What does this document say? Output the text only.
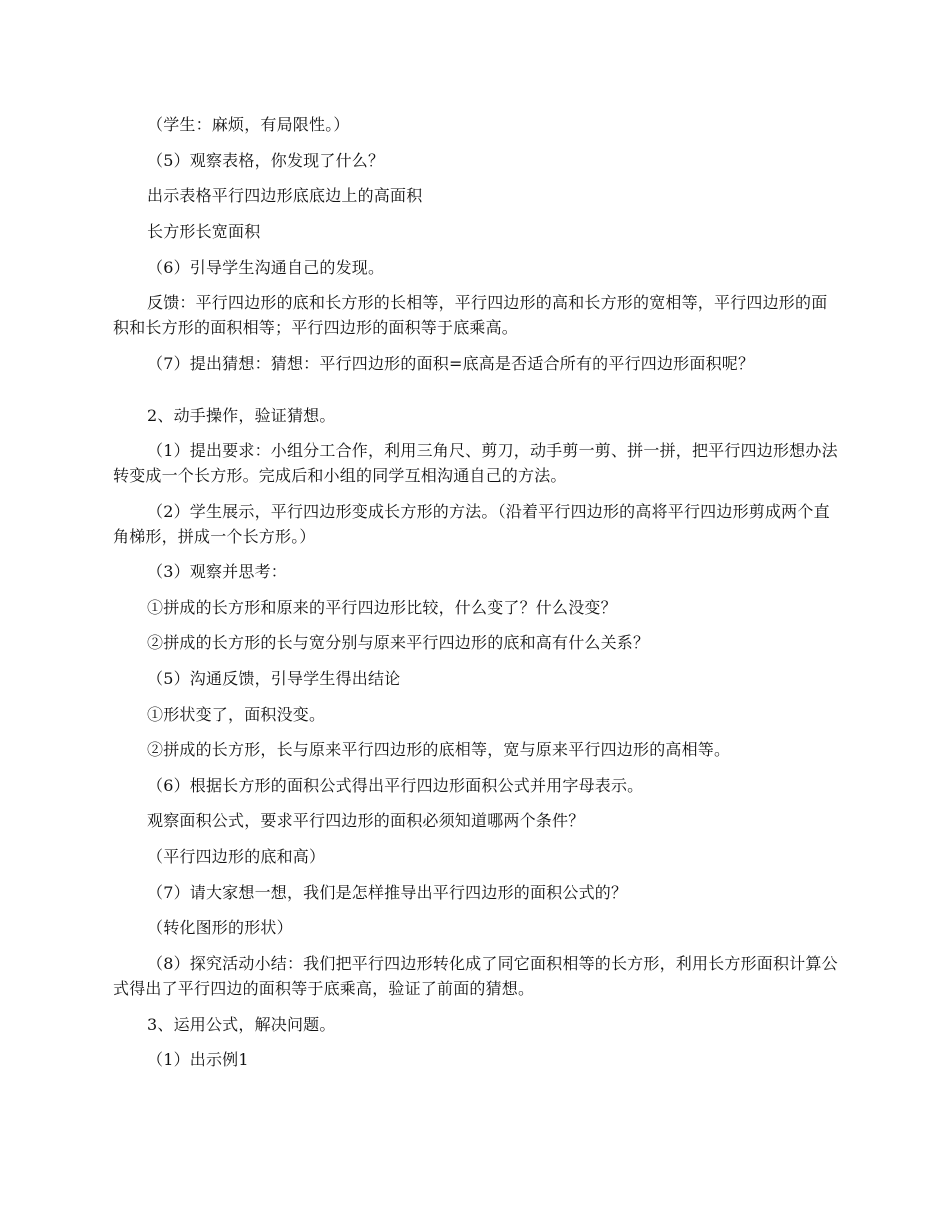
（学生：麻烦，有局限性。）

（5）观察表格，你发现了什么？

出示表格平行四边形底底边上的高面积

长方形长宽面积

（6）引导学生沟通自己的发现。

反馈：平行四边形的底和长方形的长相等，平行四边形的高和长方形的宽相等，平行四边形的面积和长方形的面积相等；平行四边形的面积等于底乘高。

（7）提出猜想：猜想：平行四边形的面积=底高是否适合所有的平行四边形面积呢？

2、动手操作，验证猜想。

（1）提出要求：小组分工合作，利用三角尺、剪刀，动手剪一剪、拼一拼，把平行四边形想办法转变成一个长方形。完成后和小组的同学互相沟通自己的方法。

（2）学生展示，平行四边形变成长方形的方法。（沿着平行四边形的高将平行四边形剪成两个直角梯形，拼成一个长方形。）

（3）观察并思考：

①拼成的长方形和原来的平行四边形比较，什么变了？什么没变？

②拼成的长方形的长与宽分别与原来平行四边形的底和高有什么关系？

（5）沟通反馈，引导学生得出结论

①形状变了，面积没变。

②拼成的长方形，长与原来平行四边形的底相等，宽与原来平行四边形的高相等。

（6）根据长方形的面积公式得出平行四边形面积公式并用字母表示。

观察面积公式，要求平行四边形的面积必须知道哪两个条件？

（平行四边形的底和高）

（7）请大家想一想，我们是怎样推导出平行四边形的面积公式的？

（转化图形的形状）

（8）探究活动小结：我们把平行四边形转化成了同它面积相等的长方形，利用长方形面积计算公式得出了平行四边的面积等于底乘高，验证了前面的猜想。

3、运用公式，解决问题。

（1）出示例1
